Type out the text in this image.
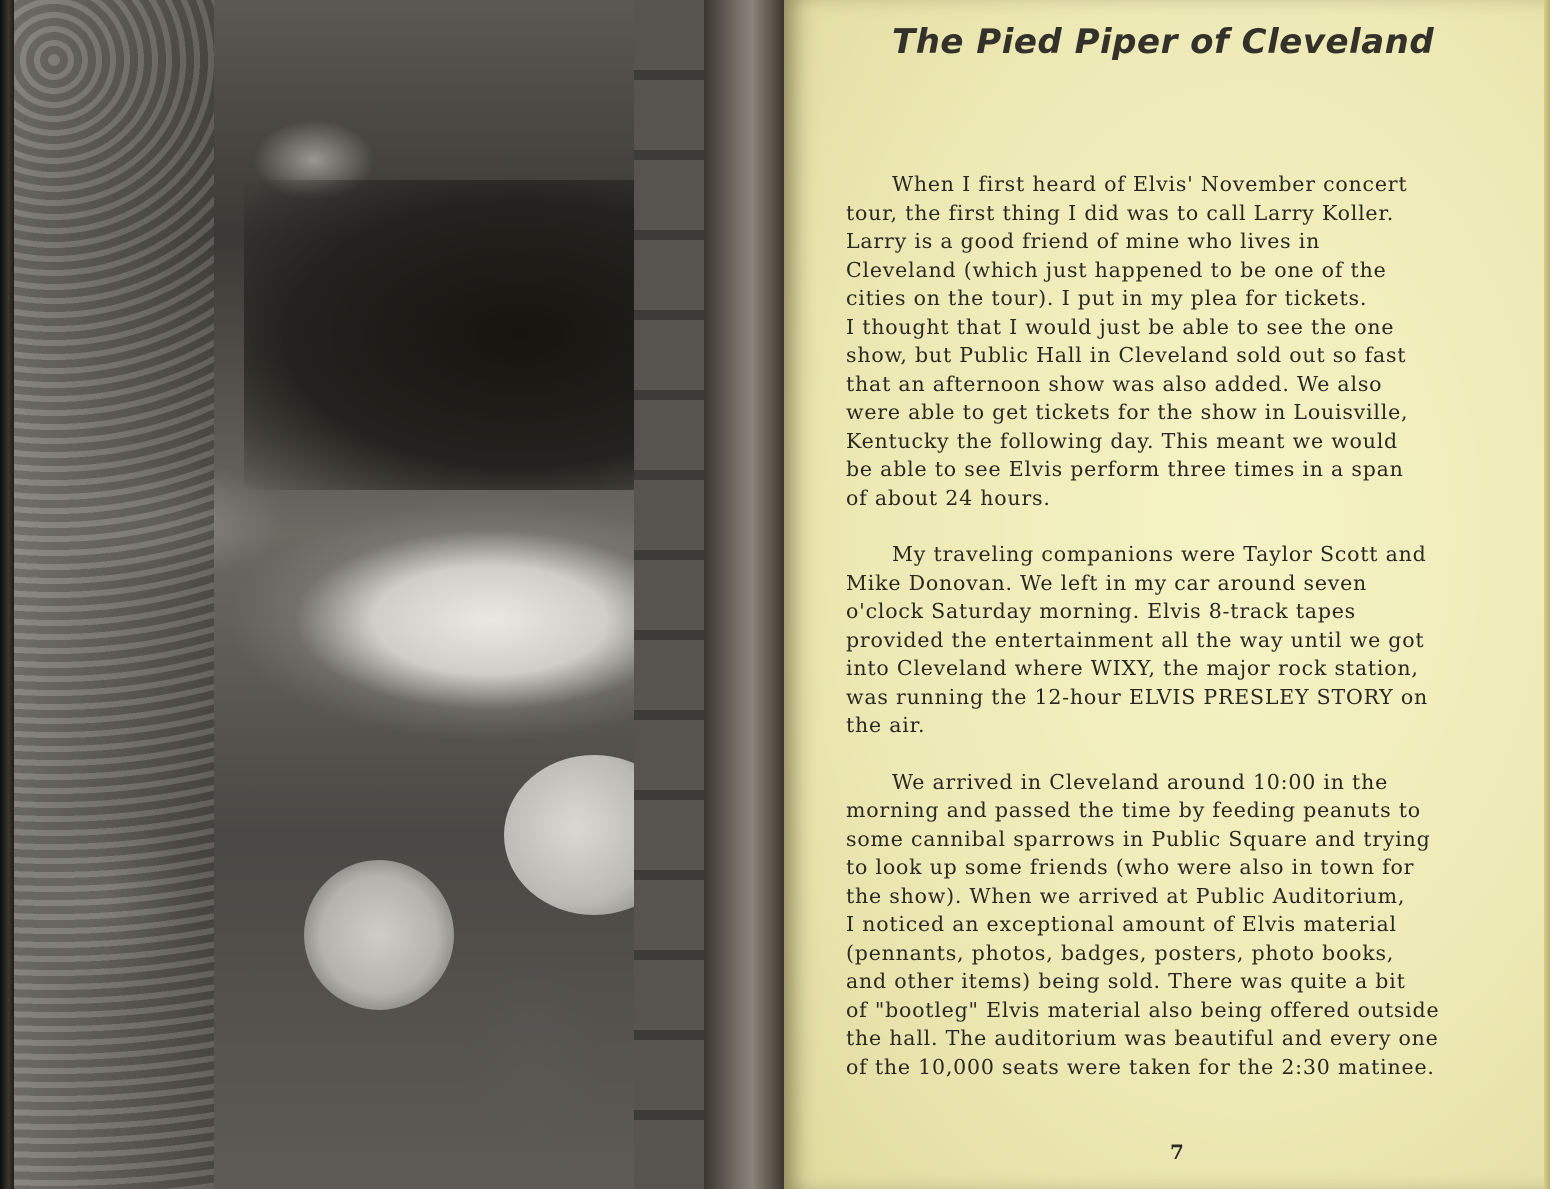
The Pied Piper of Cleveland

When I first heard of Elvis' November concert
tour, the first thing I did was to call Larry Koller.
Larry is a good friend of mine who lives in
Cleveland (which just happened to be one of the
cities on the tour). I put in my plea for tickets.
I thought that I would just be able to see the one
show, but Public Hall in Cleveland sold out so fast
that an afternoon show was also added. We also
were able to get tickets for the show in Louisville,
Kentucky the following day. This meant we would
be able to see Elvis perform three times in a span
of about 24 hours.

My traveling companions were Taylor Scott and
Mike Donovan. We left in my car around seven
o'clock Saturday morning. Elvis 8-track tapes
provided the entertainment all the way until we got
into Cleveland where WIXY, the major rock station,
was running the 12-hour ELVIS PRESLEY STORY on
the air.

We arrived in Cleveland around 10:00 in the
morning and passed the time by feeding peanuts to
some cannibal sparrows in Public Square and trying
to look up some friends (who were also in town for
the show). When we arrived at Public Auditorium,
I noticed an exceptional amount of Elvis material
(pennants, photos, badges, posters, photo books,
and other items) being sold. There was quite a bit
of "bootleg" Elvis material also being offered outside
the hall. The auditorium was beautiful and every one
of the 10,000 seats were taken for the 2:30 matinee.

7
